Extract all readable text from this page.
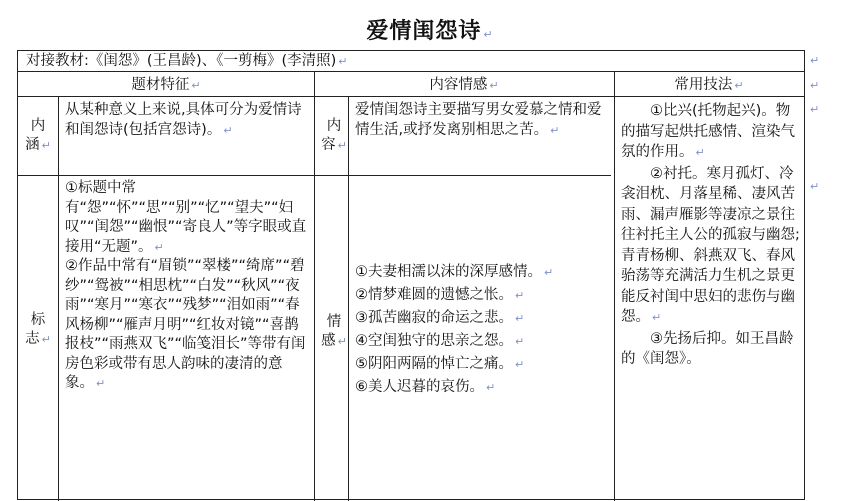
爱情闺怨诗 ↵
对接教材:《闺怨》(王昌龄)、《一剪梅》(李清照) ↵
题材特征 ↵	内容情感 ↵	常用技法 ↵
内涵 ↵

从某种意义上来说,具体可分为爱情诗和闺怨诗(包括宫怨诗)。 ↵

标志 ↵

①标题中常有“怨”“怀”“思”“别”“忆”“望夫”“妇叹”“闺怨”“幽恨”“寄良人”等字眼或直接用“无题”。 ↵

②作品中常有“眉锁”“翠楼”“绮席”“碧纱”“鸳被”“相思枕”“白发”“秋风”“夜雨”“寒月”“寒衣”“残梦”“泪如雨”“春风杨柳”“雁声月明”“红妆对镜”“喜鹊报枝”“雨燕双飞”“临笺泪长”等带有闺房色彩或带有思人韵味的凄清的意象。 ↵

内容 ↵

爱情闺怨诗主要描写男女爱慕之情和爱情生活,或抒发离别相思之苦。 ↵

情感 ↵

①夫妻相濡以沫的深厚感情。 ↵

②情梦难圆的遗憾之怅。 ↵

③孤苦幽寂的命运之悲。 ↵

④空闺独守的思亲之怨。 ↵

⑤阴阳两隔的悼亡之痛。 ↵

⑥美人迟暮的哀伤。 ↵

①比兴(托物起兴)。物的描写起烘托感情、渲染气氛的作用。 ↵

②衬托。寒月孤灯、冷衾泪枕、月落星稀、凄风苦雨、漏声雁影等凄凉之景往往衬托主人公的孤寂与幽怨;青青杨柳、斜燕双飞、春风骀荡等充满活力生机之景更能反衬闺中思妇的悲伤与幽怨。 ↵

③先扬后抑。如王昌龄的《闺怨》。

↵
↵
↵
↵
